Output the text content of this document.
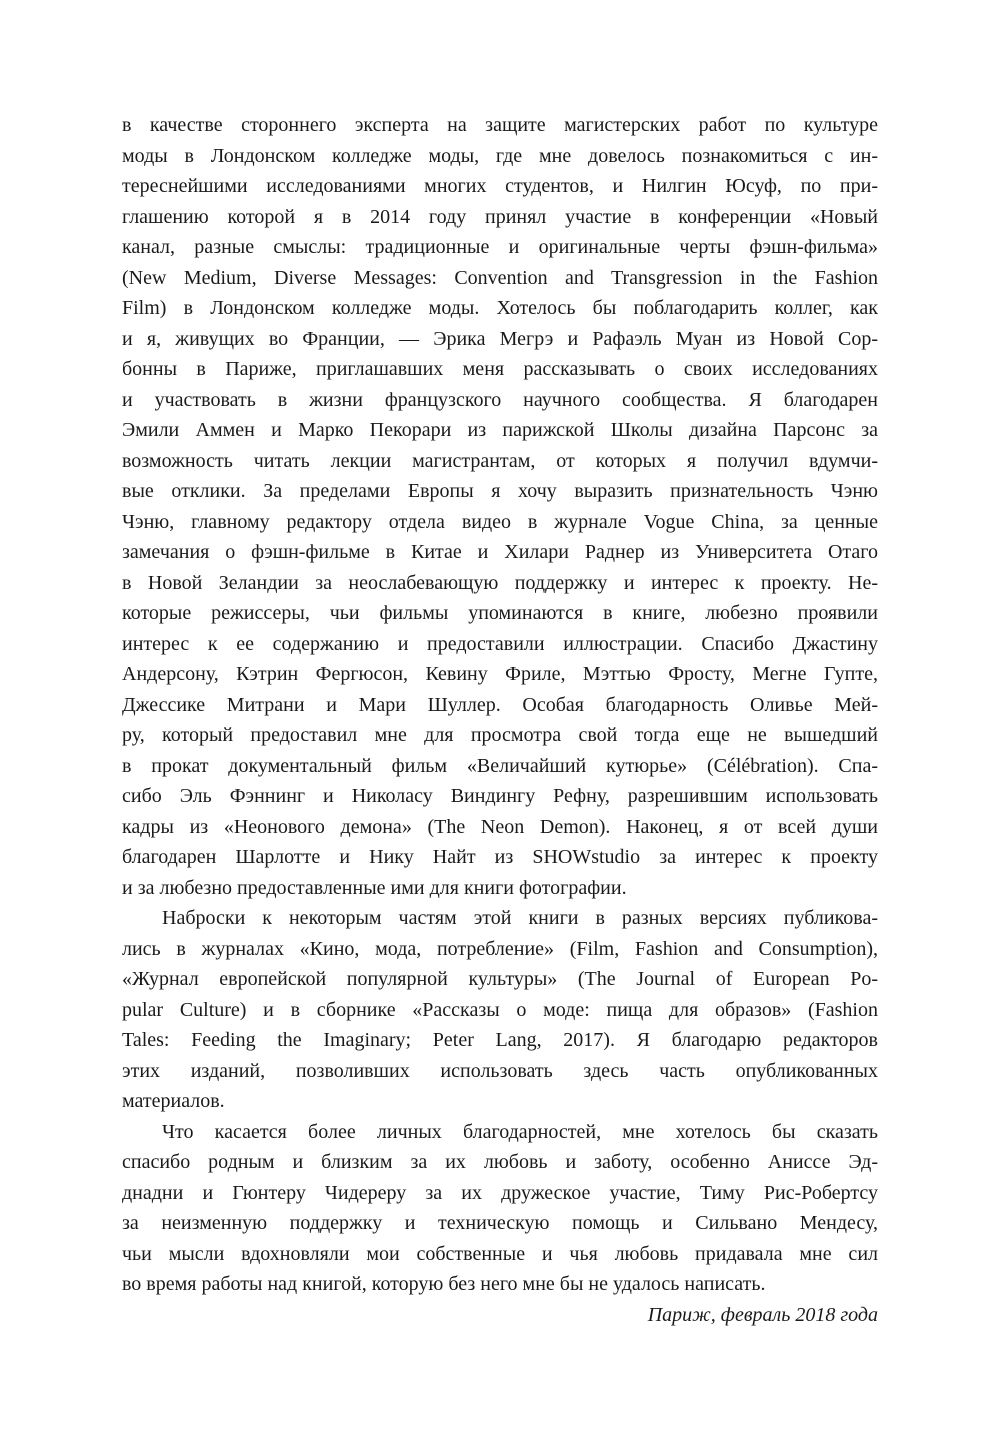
в качестве стороннего эксперта на защите магистерских работ по культуре
моды в Лондонском колледже моды, где мне довелось познакомиться с ин-
тереснейшими исследованиями многих студентов, и Нилгин Юсуф, по при-
глашению которой я в 2014 году принял участие в конференции «Новый
канал, разные смыслы: традиционные и оригинальные черты фэшн-фильма»
(New Medium, Diverse Messages: Convention and Transgression in the Fashion
Film) в Лондонском колледже моды. Хотелось бы поблагодарить коллег, как
и я, живущих во Франции, — Эрика Мегрэ и Рафаэль Муан из Новой Сор-
бонны в Париже, приглашавших меня рассказывать о своих исследованиях
и участвовать в жизни французского научного сообщества. Я благодарен
Эмили Аммен и Марко Пекорари из парижской Школы дизайна Парсонс за
возможность читать лекции магистрантам, от которых я получил вдумчи-
вые отклики. За пределами Европы я хочу выразить признательность Чэню
Чэню, главному редактору отдела видео в журнале Vogue China, за ценные
замечания о фэшн-фильме в Китае и Хилари Раднер из Университета Отаго
в Новой Зеландии за неослабевающую поддержку и интерес к проекту. Не-
которые режиссеры, чьи фильмы упоминаются в книге, любезно проявили
интерес к ее содержанию и предоставили иллюстрации. Спасибо Джастину
Андерсону, Кэтрин Фергюсон, Кевину Фриле, Мэттью Фросту, Мегне Гупте,
Джессике Митрани и Мари Шуллер. Особая благодарность Оливье Мей-
ру, который предоставил мне для просмотра свой тогда еще не вышедший
в прокат документальный фильм «Величайший кутюрье» (Célébration). Спа-
сибо Эль Фэннинг и Николасу Виндингу Рефну, разрешившим использовать
кадры из «Неонового демона» (The Neon Demon). Наконец, я от всей души
благодарен Шарлотте и Нику Найт из SHOWstudio за интерес к проекту
и за любезно предоставленные ими для книги фотографии.
Наброски к некоторым частям этой книги в разных версиях публикова-
лись в журналах «Кино, мода, потребление» (Film, Fashion and Consumption),
«Журнал европейской популярной культуры» (The Journal of European Po-
pular Culture) и в сборнике «Рассказы о моде: пища для образов» (Fashion
Tales: Feeding the Imaginary; Peter Lang, 2017). Я благодарю редакторов
этих изданий, позволивших использовать здесь часть опубликованных
материалов.
Что касается более личных благодарностей, мне хотелось бы сказать
спасибо родным и близким за их любовь и заботу, особенно Аниссе Эд-
днадни и Гюнтеру Чидереру за их дружеское участие, Тиму Рис-Робертсу
за неизменную поддержку и техническую помощь и Сильвано Мендесу,
чьи мысли вдохновляли мои собственные и чья любовь придавала мне сил
во время работы над книгой, которую без него мне бы не удалось написать.
Париж, февраль 2018 года
